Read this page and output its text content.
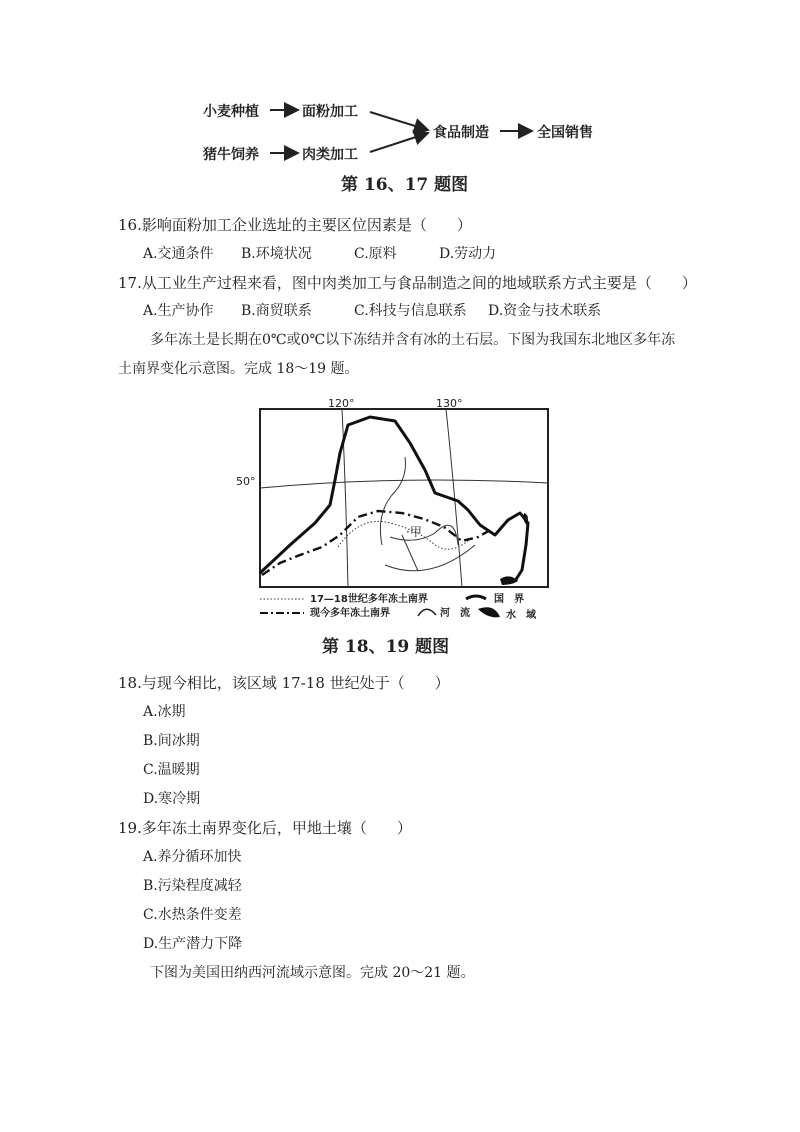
小麦种植	面粉加工
猪牛饲养	肉类加工
食品制造	全国销售
第 16、17 题图
16.影响面粉加工企业选址的主要区位因素是（　　）
A.交通条件 B.环境状况	C.原料	D.劳动力
17.从工业生产过程来看，图中肉类加工与食品制造之间的地域联系方式主要是（　　）
A.生产协作 B.商贸联系	C.科技与信息联系 D.资金与技术联系
多年冻土是长期在0℃或0℃以下冻结并含有冰的土石层。下图为我国东北地区多年冻
土南界变化示意图。完成 18～19 题。
120°	130°
50°
·甲
17—18世纪多年冻土南界
现今多年冻土南界
国　界
河　流	水　域
第 18、19 题图
18.与现今相比，该区域 17-18 世纪处于（　　）
A.冰期
B.间冰期
C.温暖期
D.寒冷期
19.多年冻土南界变化后，甲地土壤（　　）
A.养分循环加快
B.污染程度减轻
C.水热条件变差
D.生产潜力下降
下图为美国田纳西河流域示意图。完成 20～21 题。
